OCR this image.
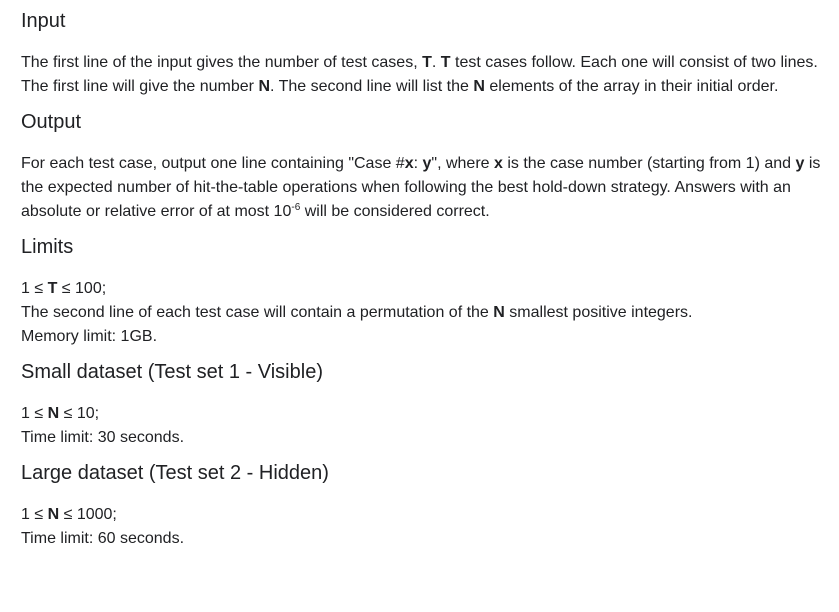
Input

The first line of the input gives the number of test cases, T. T test cases follow. Each one will consist of two lines. The first line will give the number N. The second line will list the N elements of the array in their initial order.

Output

For each test case, output one line containing "Case #x: y", where x is the case number (starting from 1) and y is the expected number of hit-the-table operations when following the best hold-down strategy. Answers with an absolute or relative error of at most $10^{-6}$ will be considered correct.

Limits
1 ≤ T ≤ 100;
The second line of each test case will contain a permutation of the N smallest positive integers.
Memory limit: 1GB.
Small dataset (Test set 1 - Visible)
1 ≤ N ≤ 10;
Time limit: 30 seconds.
Large dataset (Test set 2 - Hidden)
1 ≤ N ≤ 1000;
Time limit: 60 seconds.
